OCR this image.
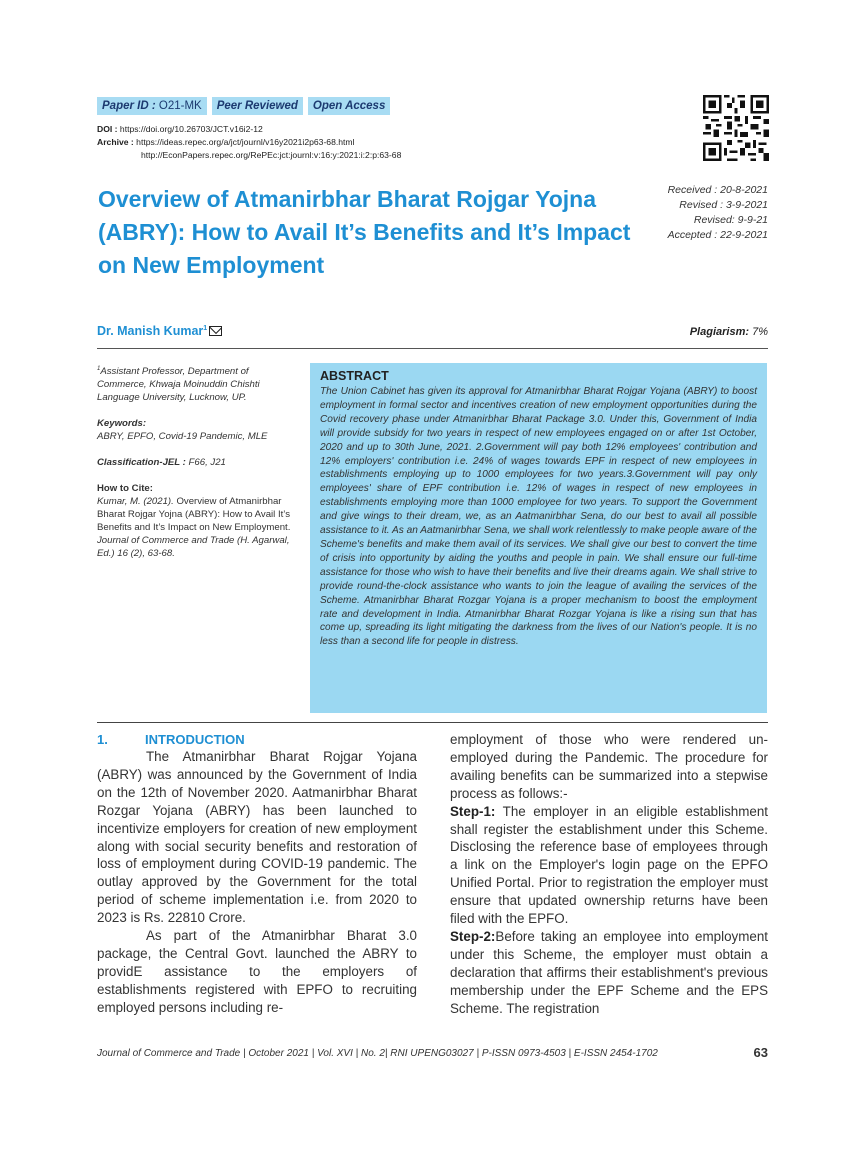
Paper ID : O21-MK	Peer Reviewed	Open Access
DOI : https://doi.org/10.26703/JCT.v16i2-12
Archive : https://ideas.repec.org/a/jct/journl/v16y2021i2p63-68.html
http://EconPapers.repec.org/RePEc:jct:journl:v:16:y:2021:i:2:p:63-68
Overview of Atmanirbhar Bharat Rojgar Yojna (ABRY): How to Avail It’s Benefits and It’s Impact on New Employment
Received : 20-8-2021
Revised : 3-9-2021
Revised: 9-9-21
Accepted : 22-9-2021
Dr. Manish Kumar$^1$	Plagiarism: 7%
$^1$Assistant Professor, Department of Commerce, Khwaja Moinuddin Chishti Language University, Lucknow, UP.
Keywords:
ABRY, EPFO, Covid-19 Pandemic, MLE
Classification-JEL : F66, J21
How to Cite:
Kumar, M. (2021). Overview of Atmanirbhar Bharat Rojgar Yojna (ABRY): How to Avail It’s Benefits and It’s Impact on New Employment. Journal of Commerce and Trade (H. Agarwal, Ed.) 16 (2), 63-68.
ABSTRACT

The Union Cabinet has given its approval for Atmanirbhar Bharat Rojgar Yojana (ABRY) to boost employment in formal sector and incentives creation of new employment opportunities during the Covid recovery phase under Atmanirbhar Bharat Package 3.0. Under this, Government of India will provide subsidy for two years in respect of new employees engaged on or after 1st October, 2020 and up to 30th June, 2021. 2.Government will pay both 12% employees' contribution and 12% employers' contribution i.e. 24% of wages towards EPF in respect of new employees in establishments employing up to 1000 employees for two years.3.Government will pay only employees' share of EPF contribution i.e. 12% of wages in respect of new employees in establishments employing more than 1000 employee for two years. To support the Government and give wings to their dream, we, as an Aatmanirbhar Sena, do our best to avail all possible assistance to it. As an Aatmanirbhar Sena, we shall work relentlessly to make people aware of the Scheme's benefits and make them avail of its services. We shall give our best to convert the time of crisis into opportunity by aiding the youths and people in pain. We shall ensure our full-time assistance for those who wish to have their benefits and live their dreams again. We shall strive to provide round-the-clock assistance who wants to join the league of availing the services of the Scheme. Atmanirbhar Bharat Rozgar Yojana is a proper mechanism to boost the employment rate and development in India. Atmanirbhar Bharat Rozgar Yojana is like a rising sun that has come up, spreading its light mitigating the darkness from the lives of our Nation's people. It is no less than a second life for people in distress.

1.	INTRODUCTION

The Atmanirbhar Bharat Rojgar Yojana (ABRY) was announced by the Government of India on the 12th of November 2020. Aatmanirbhar Bharat Rozgar Yojana (ABRY) has been launched to incentivize employers for creation of new employment along with social security benefits and restoration of loss of employment during COVID-19 pandemic. The outlay approved by the Government for the total period of scheme implementation i.e. from 2020 to 2023 is Rs. 22810 Crore.

As part of the Atmanirbhar Bharat 3.0 package, the Central Govt. launched the ABRY to providE assistance to the employers of establishments registered with EPFO to recruiting employed persons including re-

employment of those who were rendered un-employed during the Pandemic. The procedure for availing benefits can be summarized into a stepwise process as follows:-

Step-1: The employer in an eligible establishment shall register the establishment under this Scheme. Disclosing the reference base of employees through a link on the Employer's login page on the EPFO Unified Portal. Prior to registration the employer must ensure that updated ownership returns have been filed with the EPFO.

Step-2:Before taking an employee into employment under this Scheme, the employer must obtain a declaration that affirms their establishment's previous membership under the EPF Scheme and the EPS Scheme. The registration

Journal of Commerce and Trade | October 2021 | Vol. XVI | No. 2| RNI UPENG03027 | P-ISSN 0973-4503 | E-ISSN 2454-1702	63
